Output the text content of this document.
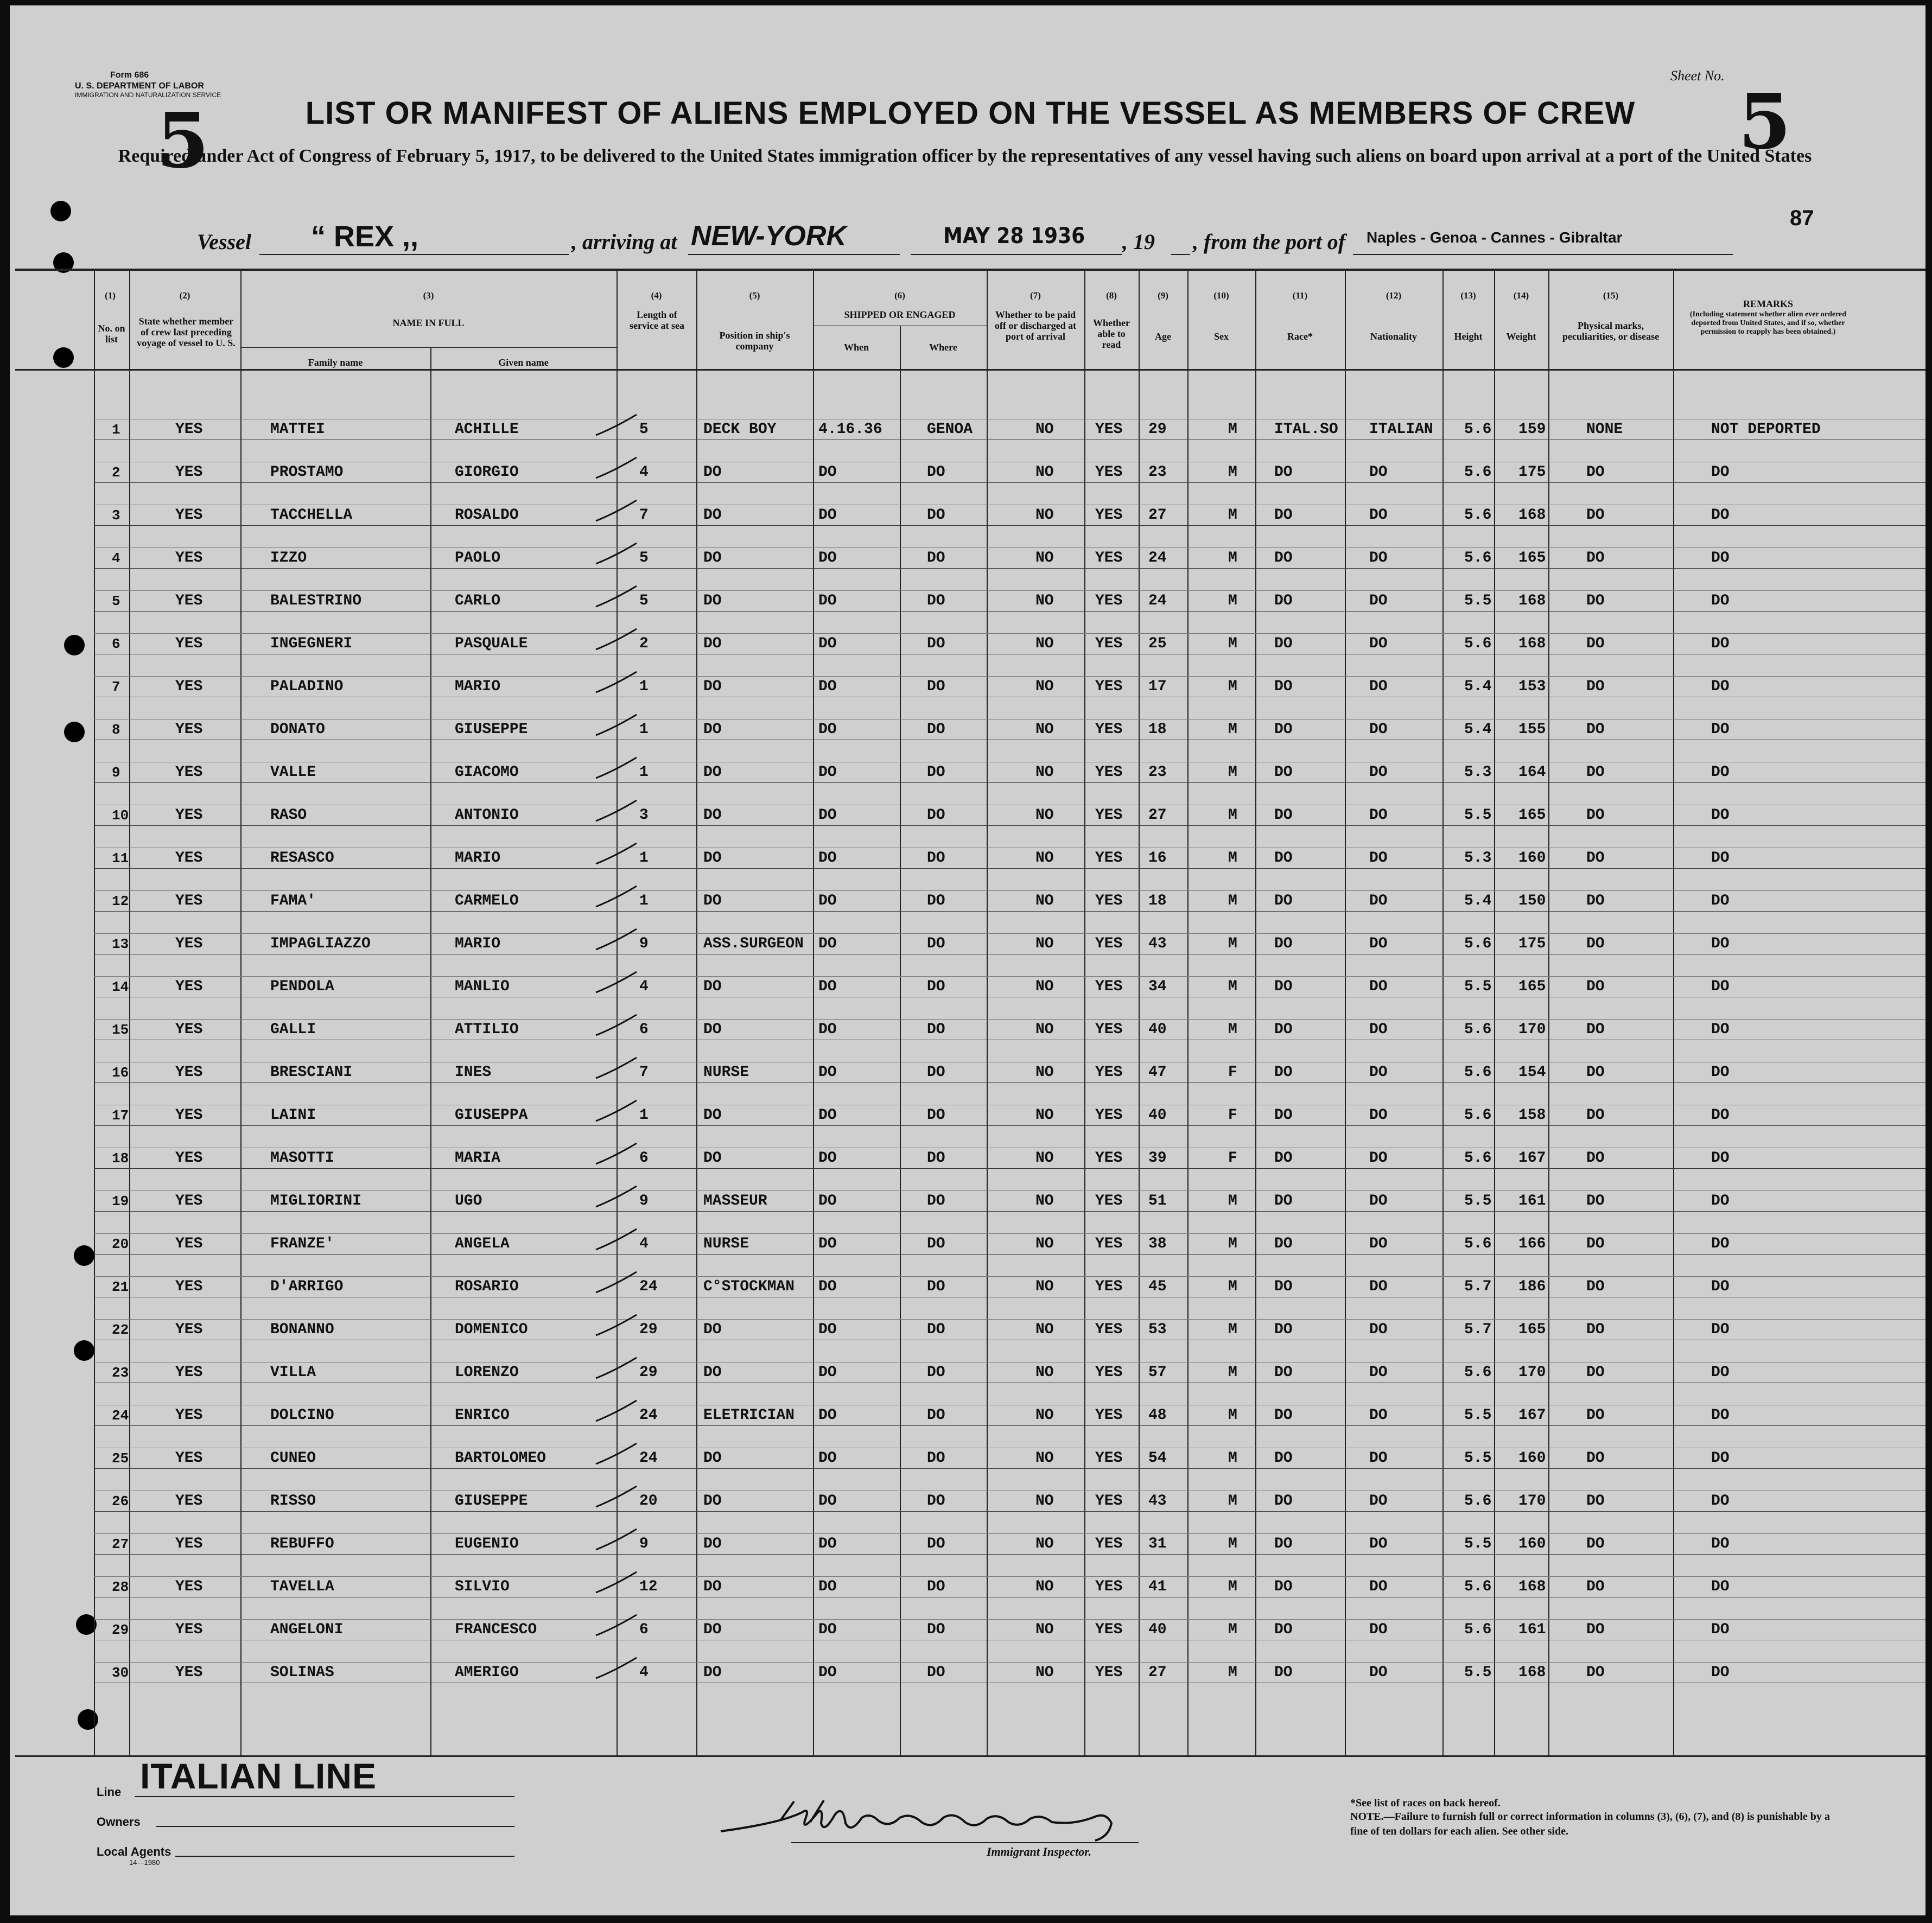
Form 686
U. S. DEPARTMENT OF LABOR
IMMIGRATION AND NATURALIZATION SERVICE
5	5
Sheet No.
LIST OR MANIFEST OF ALIENS EMPLOYED ON THE VESSEL AS MEMBERS OF CREW
Required under Act of Congress of February 5, 1917, to be delivered to the United States immigration officer by the representatives of any vessel having such aliens on board upon arrival at a port of the United States
Vessel “ REX ,,	, arriving at NEW-YORK	MAY 28 1936 , 19 , from the port of Naples - Genoa - Cannes - Gibraltar
87
(1)
No. on list
(2)
State whether member of crew last preceding voyage of vessel to U. S.
(3)
NAME IN FULL
Family name	Given name
(4)
Length of service at sea
(5)
Position in ship's company
(6)
SHIPPED OR ENGAGED
When	Where
(7)
Whether to be paid off or discharged at port of arrival
(8)
Whether able to read
(9)
Age
(10)
Sex
(11)
Race*
(12)
Nationality
(13)
Height
(14)
Weight
(15)
Physical marks, peculiarities, or disease
REMARKS
(Including statement whether alien ever ordered deported from United States, and if so, whether permission to reapply has been obtained.)
1	YES	MATTEI	ACHILLE	5	DECK BOY	4.16.36	GENOA	NO	YES 29	M ITAL.SO ITALIAN 5.6 159	NONE	NOT DEPORTED
2	YES	PROSTAMO	GIORGIO	4	DO	DO	DO	NO	YES 23	M DO	DO	5.6 175	DO	DO
3	YES	TACCHELLA	ROSALDO	7	DO	DO	DO	NO	YES 27	M DO	DO	5.6 168	DO	DO
4	YES	IZZO	PAOLO	5	DO	DO	DO	NO	YES 24	M DO	DO	5.6 165	DO	DO
5	YES	BALESTRINO	CARLO	5	DO	DO	DO	NO	YES 24	M DO	DO	5.5 168	DO	DO
6	YES	INGEGNERI	PASQUALE	2	DO	DO	DO	NO	YES 25	M DO	DO	5.6 168	DO	DO
7	YES	PALADINO	MARIO	1	DO	DO	DO	NO	YES 17	M DO	DO	5.4 153	DO	DO
8	YES	DONATO	GIUSEPPE	1	DO	DO	DO	NO	YES 18	M DO	DO	5.4 155	DO	DO
9	YES	VALLE	GIACOMO	1	DO	DO	DO	NO	YES 23	M DO	DO	5.3 164	DO	DO
10	YES	RASO	ANTONIO	3	DO	DO	DO	NO	YES 27	M DO	DO	5.5 165	DO	DO
11	YES	RESASCO	MARIO	1	DO	DO	DO	NO	YES 16	M DO	DO	5.3 160	DO	DO
12	YES	FAMA'	CARMELO	1	DO	DO	DO	NO	YES 18	M DO	DO	5.4 150	DO	DO
13	YES	IMPAGLIAZZO	MARIO	9	ASS.SURGEON DO	DO	NO	YES 43	M DO	DO	5.6 175	DO	DO
14	YES	PENDOLA	MANLIO	4	DO	DO	DO	NO	YES 34	M DO	DO	5.5 165	DO	DO
15	YES	GALLI	ATTILIO	6	DO	DO	DO	NO	YES 40	M DO	DO	5.6 170	DO	DO
16	YES	BRESCIANI	INES	7	NURSE	DO	DO	NO	YES 47	F DO	DO	5.6 154	DO	DO
17	YES	LAINI	GIUSEPPA	1	DO	DO	DO	NO	YES 40	F DO	DO	5.6 158	DO	DO
18	YES	MASOTTI	MARIA	6	DO	DO	DO	NO	YES 39	F DO	DO	5.6 167	DO	DO
19	YES	MIGLIORINI	UGO	9	MASSEUR	DO	DO	NO	YES 51	M DO	DO	5.5 161	DO	DO
20	YES	FRANZE'	ANGELA	4	NURSE	DO	DO	NO	YES 38	M DO	DO	5.6 166	DO	DO
21	YES	D'ARRIGO	ROSARIO	24	C°STOCKMAN DO	DO	NO	YES 45	M DO	DO	5.7 186	DO	DO
22	YES	BONANNO	DOMENICO	29	DO	DO	DO	NO	YES 53	M DO	DO	5.7 165	DO	DO
23	YES	VILLA	LORENZO	29	DO	DO	DO	NO	YES 57	M DO	DO	5.6 170	DO	DO
24	YES	DOLCINO	ENRICO	24	ELETRICIAN DO	DO	NO	YES 48	M DO	DO	5.5 167	DO	DO
25	YES	CUNEO	BARTOLOMEO	24	DO	DO	DO	NO	YES 54	M DO	DO	5.5 160	DO	DO
26	YES	RISSO	GIUSEPPE	20	DO	DO	DO	NO	YES 43	M DO	DO	5.6 170	DO	DO
27	YES	REBUFFO	EUGENIO	9	DO	DO	DO	NO	YES 31	M DO	DO	5.5 160	DO	DO
28	YES	TAVELLA	SILVIO	12	DO	DO	DO	NO	YES 41	M DO	DO	5.6 168	DO	DO
29	YES	ANGELONI	FRANCESCO	6	DO	DO	DO	NO	YES 40	M DO	DO	5.6 161	DO	DO
30	YES	SOLINAS	AMERIGO	4	DO	DO	DO	NO	YES 27	M DO	DO	5.5 168	DO	DO
Line ITALIAN LINE
Owners
Local Agents
14—1980
Immigrant Inspector.
*See list of races on back hereof.
NOTE.—Failure to furnish full or correct information in columns (3), (6), (7), and (8) is punishable by a fine of ten dollars for each alien. See other side.
